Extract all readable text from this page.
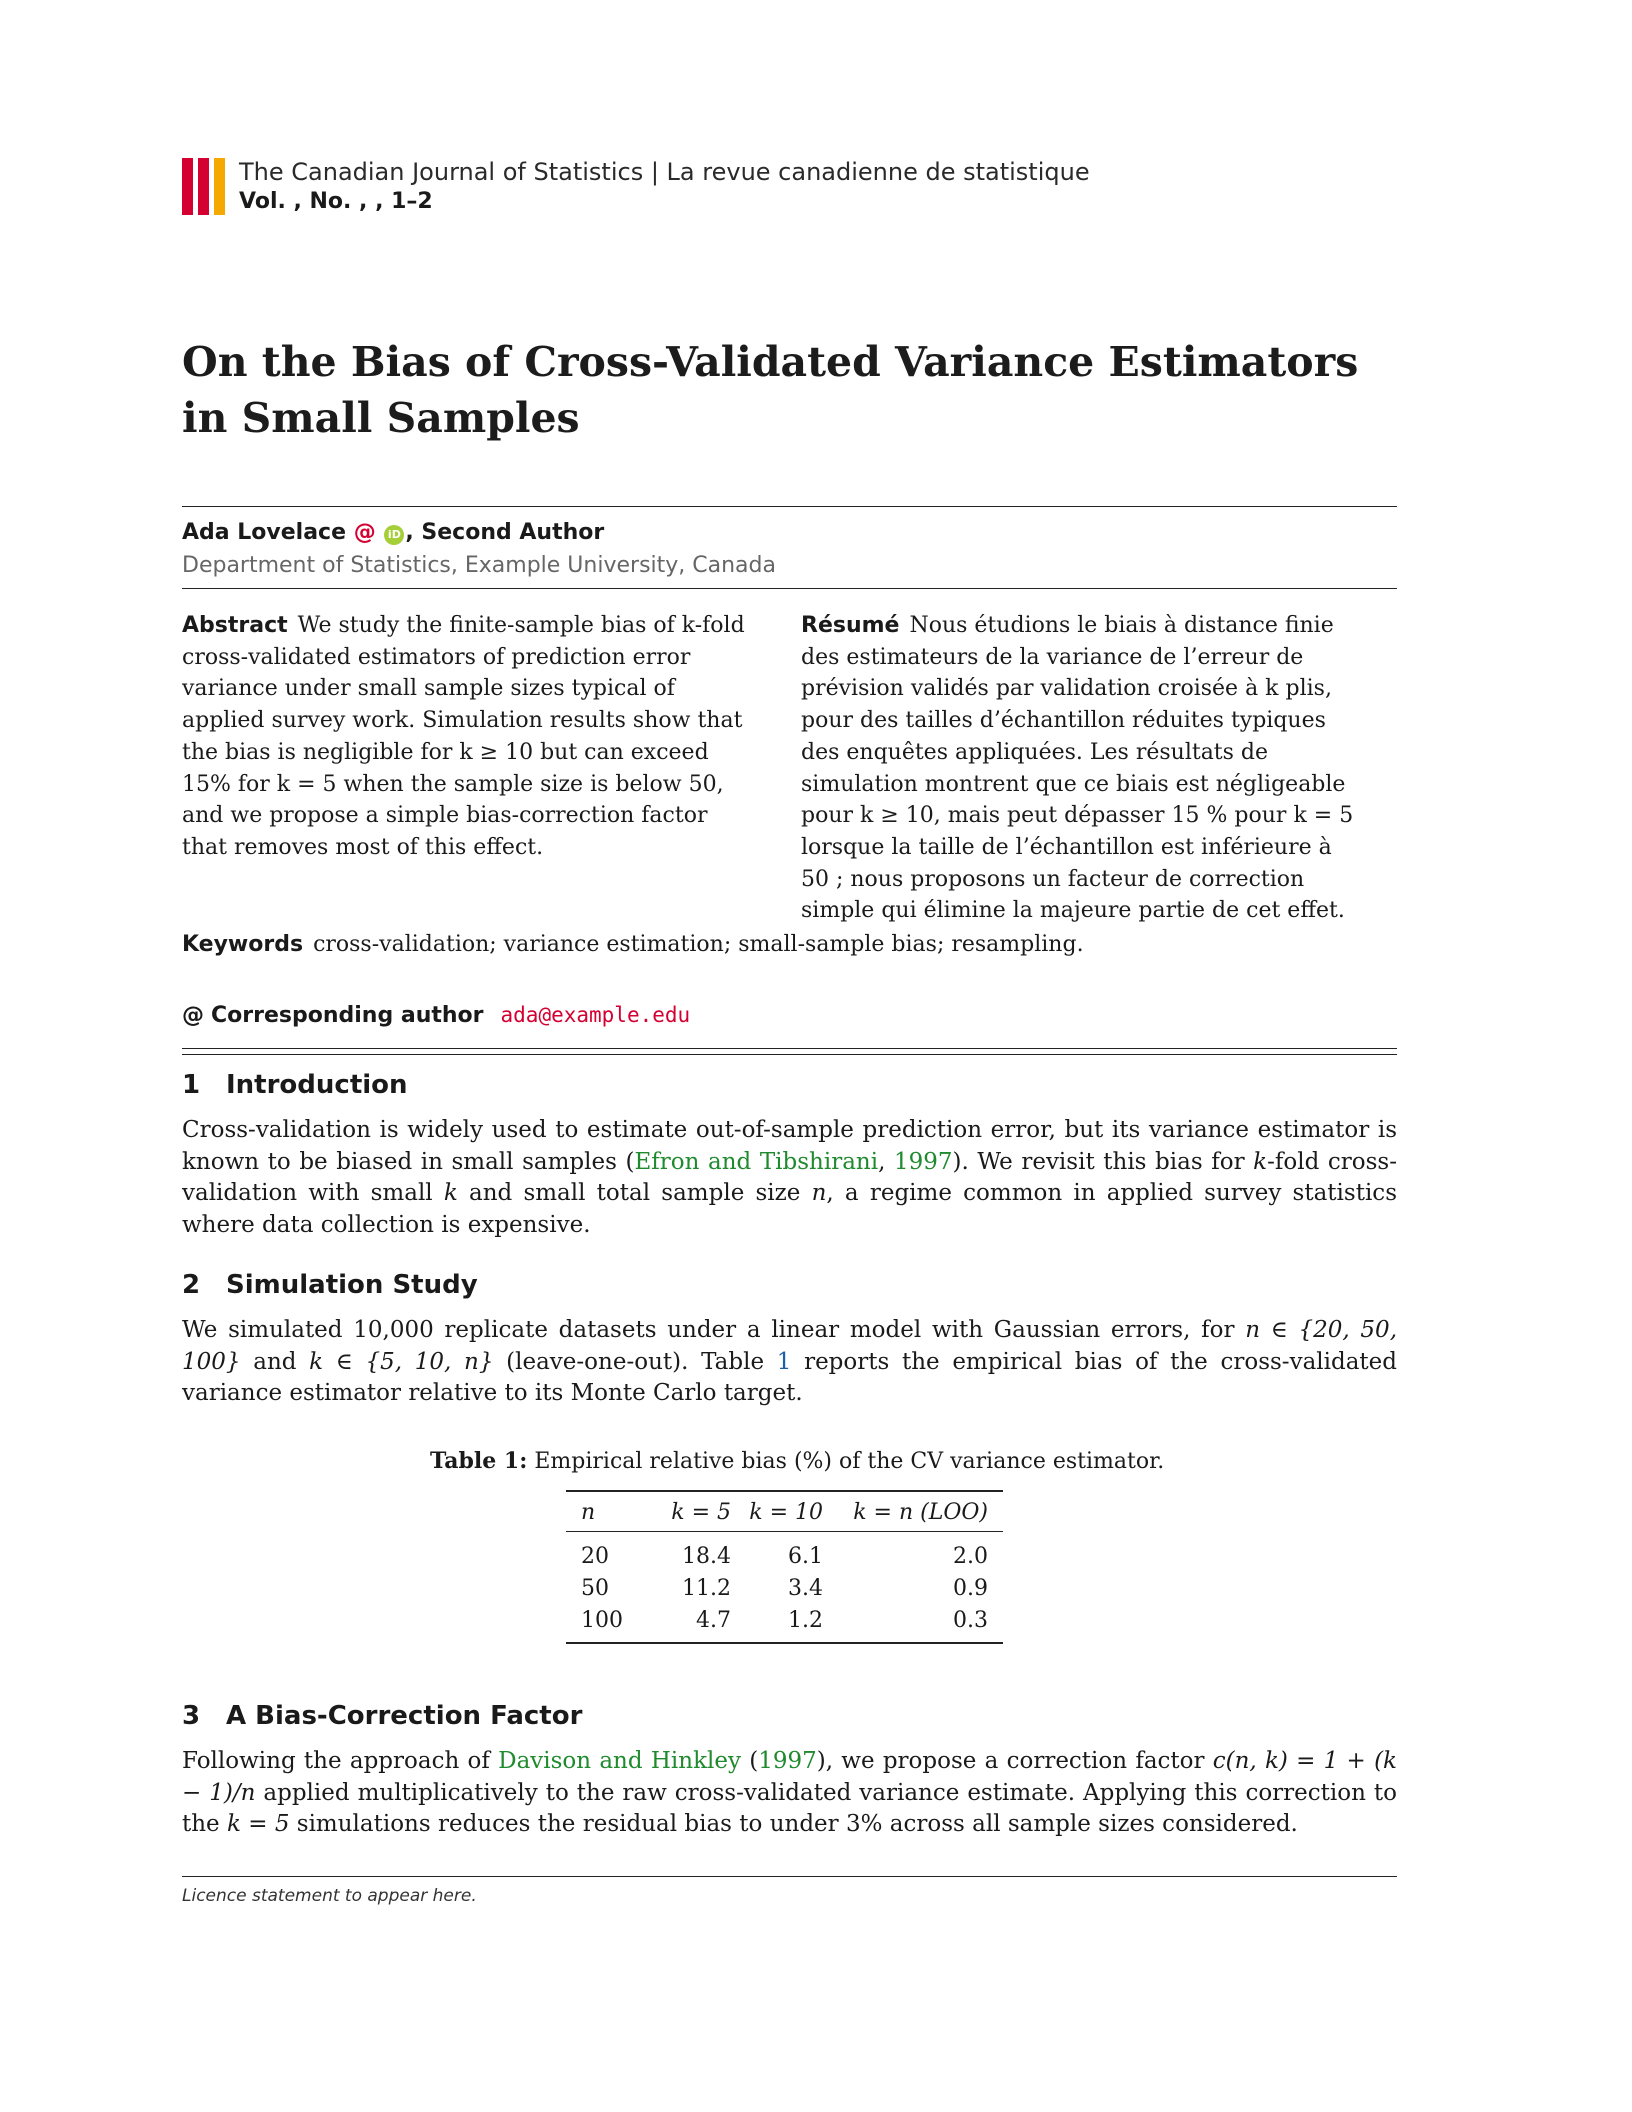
The Canadian Journal of Statistics | La revue canadienne de statistique
Vol. , No. , , 1–2
On the Bias of Cross-Validated Variance Estimators
in Small Samples
Ada Lovelace @ iD , Second Author
Department of Statistics, Example University, Canada
Abstract We study the finite-sample bias of k-fold cross-validated estimators of prediction error variance under small sample sizes typical of applied survey work. Simulation results show that the bias is negligible for k ≥ 10 but can exceed 15% for k = 5 when the sample size is below 50, and we propose a simple bias-correction factor that removes most of this effect.
Résumé Nous étudions le biais à distance finie des estimateurs de la variance de l’erreur de prévision validés par validation croisée à k plis, pour des tailles d’échantillon réduites typiques des enquêtes appliquées. Les résultats de simulation montrent que ce biais est négligeable pour k ≥ 10, mais peut dépasser 15 % pour k = 5 lorsque la taille de l’échantillon est inférieure à 50 ; nous proposons un facteur de correction simple qui élimine la majeure partie de cet effet.
Keywords cross-validation; variance estimation; small-sample bias; resampling.
@ Corresponding author ada@example.edu
1 Introduction

Cross-validation is widely used to estimate out-of-sample prediction error, but its variance estimator is known to be biased in small samples (Efron and Tibshirani, 1997). We revisit this bias for k-fold cross-validation with small k and small total sample size n, a regime common in applied survey statistics where data collection is expensive.

2 Simulation Study

We simulated 10,000 replicate datasets under a linear model with Gaussian errors, for n ∈ {20, 50, 100} and k ∈ {5, 10, n} (leave-one-out). Table 1 reports the empirical bias of the cross-validated variance estimator relative to its Monte Carlo target.

Table 1: Empirical relative bias (%) of the CV variance estimator.
n	k = 5	k = 10	k = n (LOO)
20	18.4	6.1	2.0
50	11.2	3.4	0.9
100	4.7	1.2	0.3
3 A Bias-Correction Factor

Following the approach of Davison and Hinkley (1997), we propose a correction factor c(n, k) = 1 + (k − 1)/n applied multiplicatively to the raw cross-validated variance estimate. Applying this correction to the k = 5 simulations reduces the residual bias to under 3% across all sample sizes considered.

Licence statement to appear here.
